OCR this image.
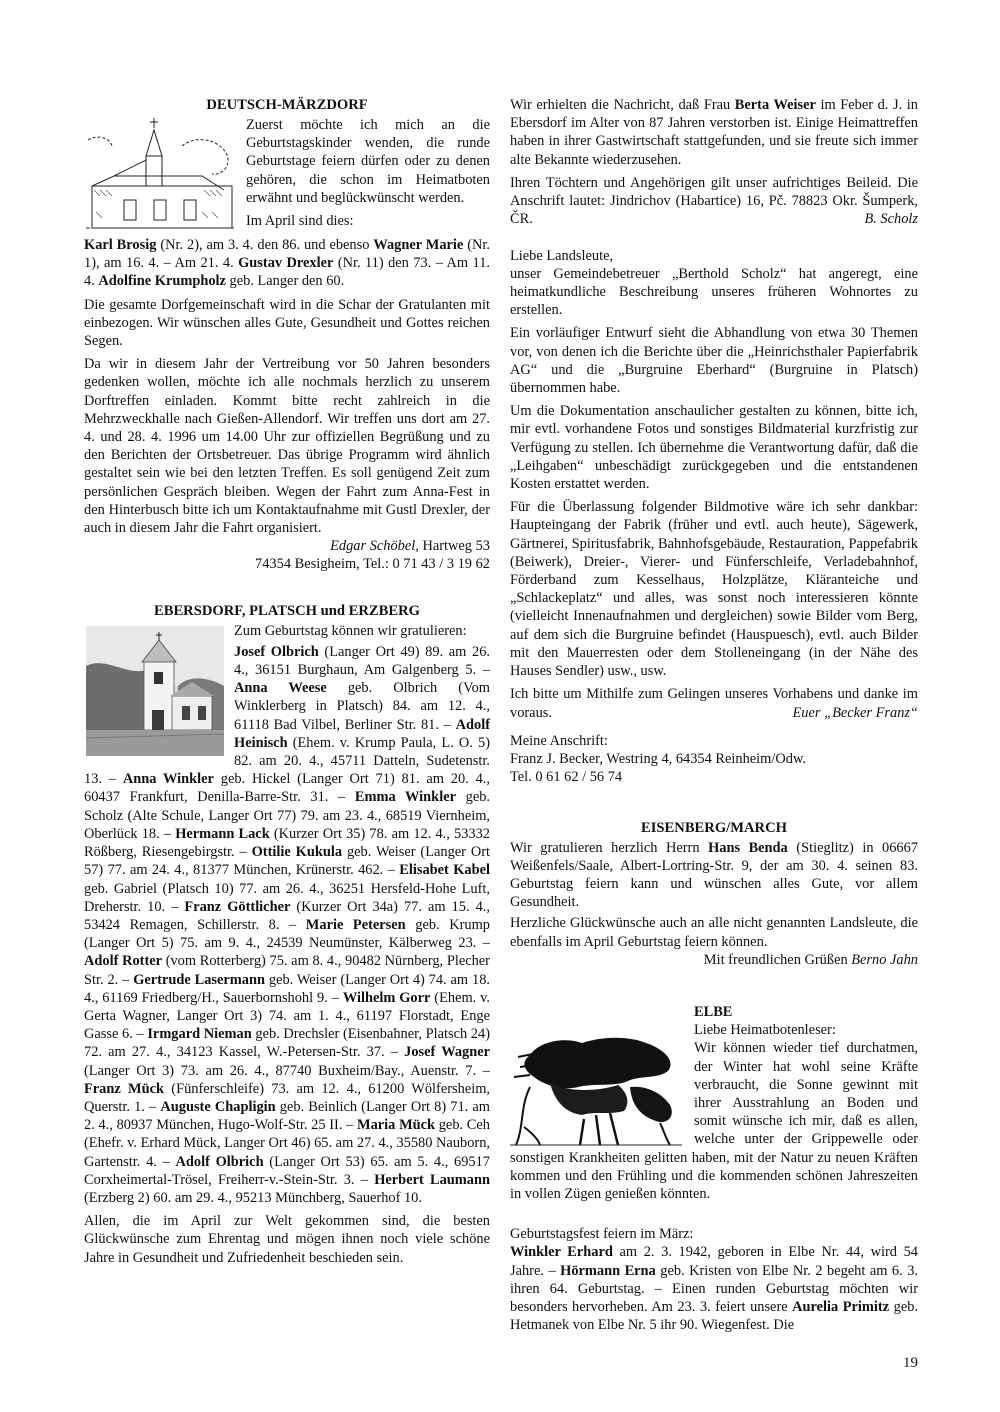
DEUTSCH-MÄRZDORF

Zuerst möchte ich mich an die Geburtstagskinder wenden, die runde Geburtstage feiern dürfen oder zu denen gehören, die schon im Heimatboten erwähnt und beglückwünscht werden.

Im April sind dies:

Karl Brosig (Nr. 2), am 3. 4. den 86. und ebenso Wagner Marie (Nr. 1), am 16. 4. – Am 21. 4. Gustav Drexler (Nr. 11) den 73. – Am 11. 4. Adolfine Krumpholz geb. Langer den 60.

Die gesamte Dorfgemeinschaft wird in die Schar der Gratulanten mit einbezogen. Wir wünschen alles Gute, Gesundheit und Gottes reichen Segen.

Da wir in diesem Jahr der Vertreibung vor 50 Jahren besonders gedenken wollen, möchte ich alle nochmals herzlich zu unserem Dorftreffen einladen. Kommt bitte recht zahlreich in die Mehrzweckhalle nach Gießen-Allendorf. Wir treffen uns dort am 27. 4. und 28. 4. 1996 um 14.00 Uhr zur offiziellen Begrüßung und zu den Berichten der Ortsbetreuer. Das übrige Programm wird ähnlich gestaltet sein wie bei den letzten Treffen. Es soll genügend Zeit zum persönlichen Gespräch bleiben. Wegen der Fahrt zum Anna-Fest in den Hinterbusch bitte ich um Kontaktaufnahme mit Gustl Drexler, der auch in diesem Jahr die Fahrt organisiert.

Edgar Schöbel, Hartweg 53
74354 Besigheim, Tel.: 0 71 43 / 3 19 62
EBERSDORF, PLATSCH und ERZBERG

Zum Geburtstag können wir gratulieren:

Josef Olbrich (Langer Ort 49) 89. am 26. 4., 36151 Burghaun, Am Galgenberg 5. – Anna Weese geb. Olbrich (Vom Winklerberg in Platsch) 84. am 12. 4., 61118 Bad Vilbel, Berliner Str. 81. – Adolf Heinisch (Ehem. v. Krump Paula, L. O. 5) 82. am 20. 4., 45711 Datteln, Sudetenstr. 13. – Anna Winkler geb. Hickel (Langer Ort 71) 81. am 20. 4., 60437 Frankfurt, Denilla-Barre-Str. 31. – Emma Winkler geb. Scholz (Alte Schule, Langer Ort 77) 79. am 23. 4., 68519 Viernheim, Oberlück 18. – Hermann Lack (Kurzer Ort 35) 78. am 12. 4., 53332 Rößberg, Riesengebirgstr. – Ottilie Kukula geb. Weiser (Langer Ort 57) 77. am 24. 4., 81377 München, Krünerstr. 462. – Elisabet Kabel geb. Gabriel (Platsch 10) 77. am 26. 4., 36251 Hersfeld-Hohe Luft, Dreherstr. 10. – Franz Göttlicher (Kurzer Ort 34a) 77. am 15. 4., 53424 Remagen, Schillerstr. 8. – Marie Petersen geb. Krump (Langer Ort 5) 75. am 9. 4., 24539 Neumünster, Kälberweg 23. – Adolf Rotter (vom Rotterberg) 75. am 8. 4., 90482 Nürnberg, Plecher Str. 2. – Gertrude Lasermann geb. Weiser (Langer Ort 4) 74. am 18. 4., 61169 Friedberg/H., Sauerbornshohl 9. – Wilhelm Gorr (Ehem. v. Gerta Wagner, Langer Ort 3) 74. am 1. 4., 61197 Florstadt, Enge Gasse 6. – Irmgard Nieman geb. Drechsler (Eisenbahner, Platsch 24) 72. am 27. 4., 34123 Kassel, W.-Petersen-Str. 37. – Josef Wagner (Langer Ort 3) 73. am 26. 4., 87740 Buxheim/Bay., Auenstr. 7. – Franz Mück (Fünferschleife) 73. am 12. 4., 61200 Wölfersheim, Querstr. 1. – Auguste Chapligin geb. Beinlich (Langer Ort 8) 71. am 2. 4., 80937 München, Hugo-Wolf-Str. 25 II. – Maria Mück geb. Ceh (Ehefr. v. Erhard Mück, Langer Ort 46) 65. am 27. 4., 35580 Nauborn, Gartenstr. 4. – Adolf Olbrich (Langer Ort 53) 65. am 5. 4., 69517 Corxheimertal-Trösel, Freiherr-v.-Stein-Str. 3. – Herbert Laumann (Erzberg 2) 60. am 29. 4., 95213 Münchberg, Sauerhof 10.

Allen, die im April zur Welt gekommen sind, die besten Glückwünsche zum Ehrentag und mögen ihnen noch viele schöne Jahre in Gesundheit und Zufriedenheit beschieden sein.

Wir erhielten die Nachricht, daß Frau Berta Weiser im Feber d. J. in Ebersdorf im Alter von 87 Jahren verstorben ist. Einige Heimattreffen haben in ihrer Gastwirtschaft stattgefunden, und sie freute sich immer alte Bekannte wiederzusehen.

Ihren Töchtern und Angehörigen gilt unser aufrichtiges Beileid. Die Anschrift lautet: Jindrichov (Habartice) 16, Pč. 78823 Okr. Šumperk, ČR.	B. Scholz

Liebe Landsleute,

unser Gemeindebetreuer „Berthold Scholz“ hat angeregt, eine heimatkundliche Beschreibung unseres früheren Wohnortes zu erstellen.

Ein vorläufiger Entwurf sieht die Abhandlung von etwa 30 Themen vor, von denen ich die Berichte über die „Heinrichsthaler Papierfabrik AG“ und die „Burgruine Eberhard“ (Burgruine in Platsch) übernommen habe.

Um die Dokumentation anschaulicher gestalten zu können, bitte ich, mir evtl. vorhandene Fotos und sonstiges Bildmaterial kurzfristig zur Verfügung zu stellen. Ich übernehme die Verantwortung dafür, daß die „Leihgaben“ unbeschädigt zurückgegeben und die entstandenen Kosten erstattet werden.

Für die Überlassung folgender Bildmotive wäre ich sehr dankbar: Haupteingang der Fabrik (früher und evtl. auch heute), Sägewerk, Gärtnerei, Spiritusfabrik, Bahnhofsgebäude, Restauration, Pappefabrik (Beiwerk), Dreier-, Vierer- und Fünferschleife, Verladebahnhof, Förderband zum Kesselhaus, Holzplätze, Kläranteiche und „Schlackeplatz“ und alles, was sonst noch interessieren könnte (vielleicht Innenaufnahmen und dergleichen) sowie Bilder vom Berg, auf dem sich die Burgruine befindet (Hauspuesch), evtl. auch Bilder mit den Mauerresten oder dem Stolleneingang (in der Nähe des Hauses Sendler) usw., usw.

Ich bitte um Mithilfe zum Gelingen unseres Vorhabens und danke im voraus.	Euer „Becker Franz“

Meine Anschrift:

Franz J. Becker, Westring 4, 64354 Reinheim/Odw.

Tel. 0 61 62 / 56 74

EISENBERG/MARCH

Wir gratulieren herzlich Herrn Hans Benda (Stieglitz) in 06667 Weißenfels/Saale, Albert-Lortring-Str. 9, der am 30. 4. seinen 83. Geburtstag feiern kann und wünschen alles Gute, vor allem Gesundheit.

Herzliche Glückwünsche auch an alle nicht genannten Landsleute, die ebenfalls im April Geburtstag feiern können.

Mit freundlichen Grüßen Berno Jahn
ELBE

Liebe Heimatbotenleser:

Wir können wieder tief durchatmen, der Winter hat wohl seine Kräfte verbraucht, die Sonne gewinnt mit ihrer Ausstrahlung an Boden und somit wünsche ich mir, daß es allen, welche unter der Grippewelle oder sonstigen Krankheiten gelitten haben, mit der Natur zu neuen Kräften kommen und den Frühling und die kommenden schönen Jahreszeiten in vollen Zügen genießen könnten.

Geburtstagsfest feiern im März:

Winkler Erhard am 2. 3. 1942, geboren in Elbe Nr. 44, wird 54 Jahre. – Hörmann Erna geb. Kristen von Elbe Nr. 2 begeht am 6. 3. ihren 64. Geburtstag. – Einen runden Geburtstag möchten wir besonders hervorheben. Am 23. 3. feiert unsere Aurelia Primitz geb. Hetmanek von Elbe Nr. 5 ihr 90. Wiegenfest. Die

19
